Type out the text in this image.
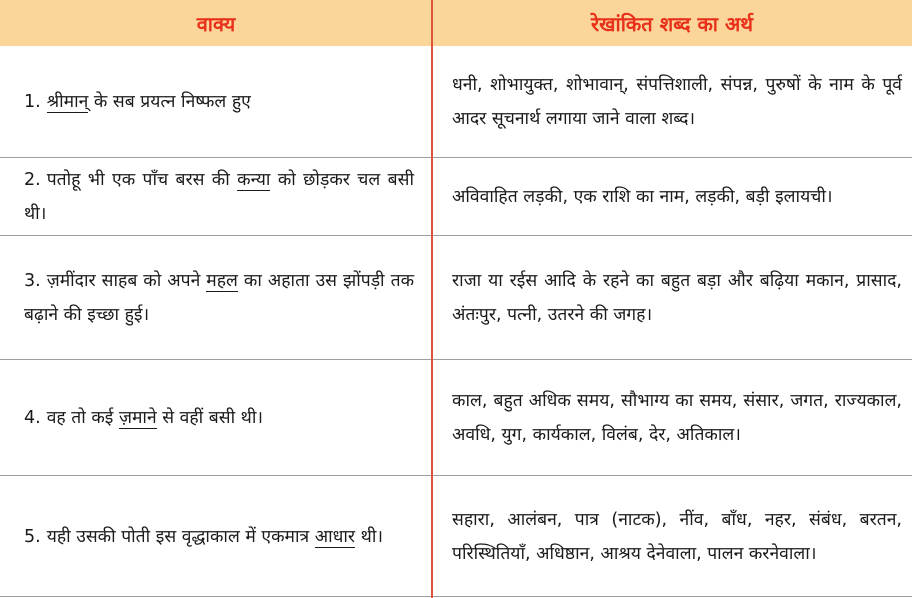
वाक्य	रेखांकित शब्द का अर्थ
1. श्रीमान् के सब प्रयत्न निष्फल हुए
धनी, शोभायुक्त, शोभावान्, संपत्तिशाली, संपन्न, पुरुषों के नाम के पूर्व आदर सूचनार्थ लगाया जाने वाला शब्द।
2. पतोहू भी एक पाँच बरस की कन्या को छोड़कर चल बसी थी।
अविवाहित लड़की, एक राशि का नाम, लड़की, बड़ी इलायची।
3. ज़मींदार साहब को अपने महल का अहाता उस झोंपड़ी तक बढ़ाने की इच्छा हुई।
राजा या रईस आदि के रहने का बहुत बड़ा और बढ़िया मकान, प्रासाद, अंतःपुर, पत्नी, उतरने की जगह।
4. वह तो कई ज़माने से वहीं बसी थी।
काल, बहुत अधिक समय, सौभाग्य का समय, संसार, जगत, राज्यकाल, अवधि, युग, कार्यकाल, विलंब, देर, अतिकाल।
5. यही उसकी पोती इस वृद्धाकाल में एकमात्र आधार थी।
सहारा, आलंबन, पात्र (नाटक), नींव, बाँध, नहर, संबंध, बरतन, परिस्थितियाँ, अधिष्ठान, आश्रय देनेवाला, पालन करनेवाला।
